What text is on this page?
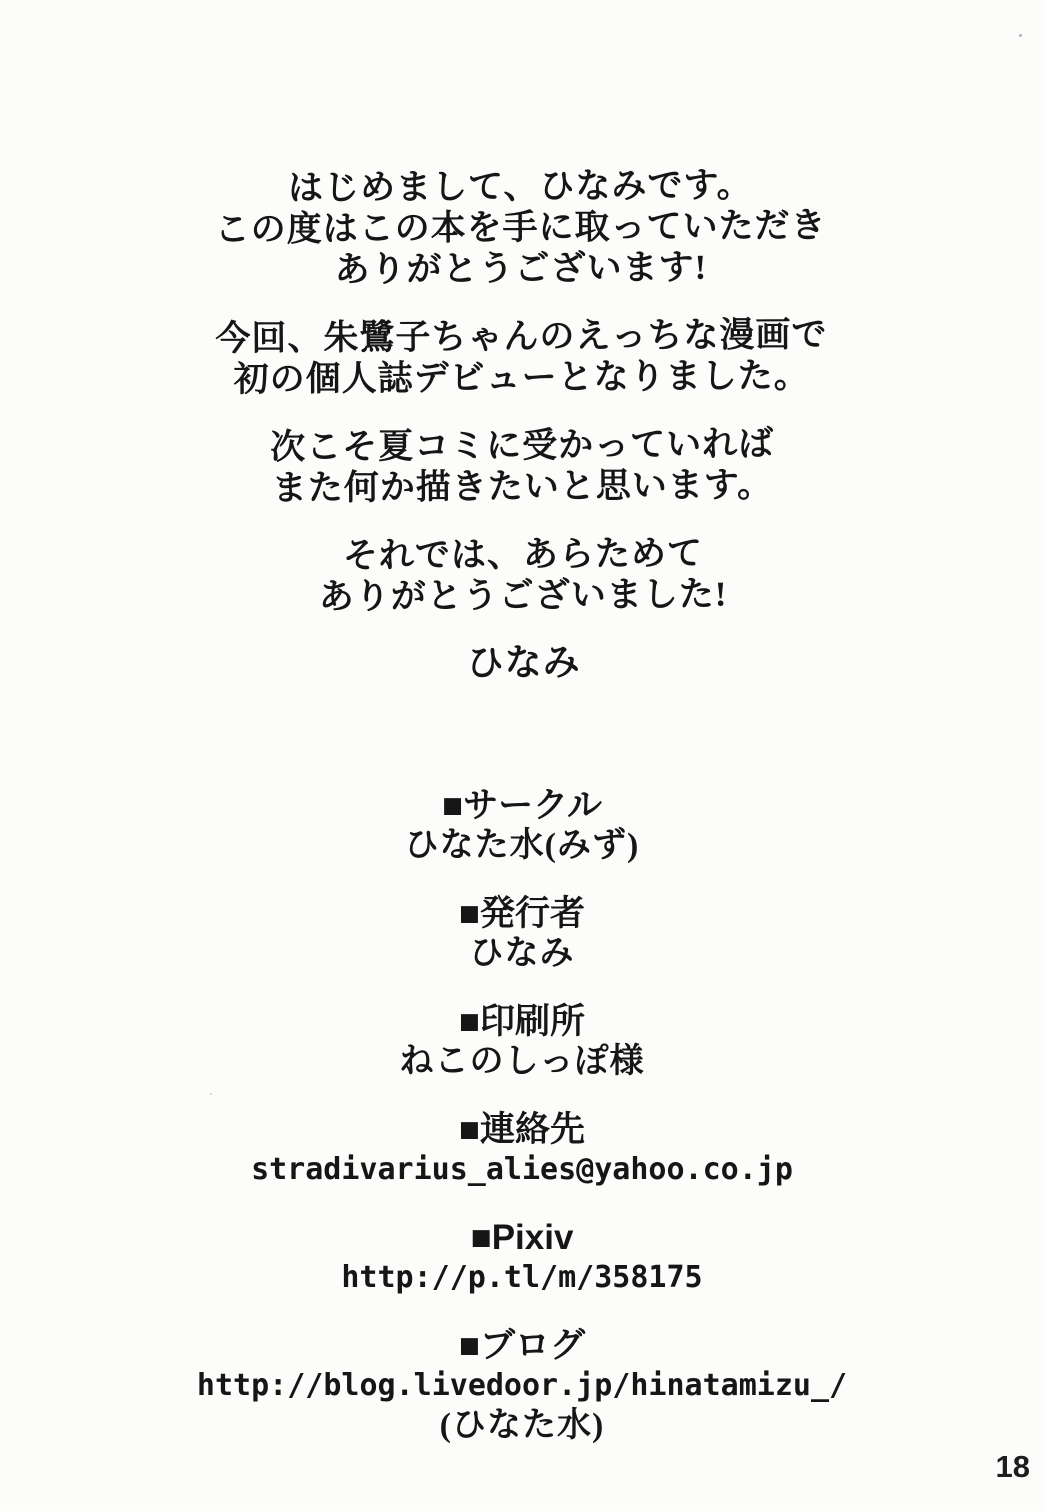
はじめまして、ひなみです。
この度はこの本を手に取っていただき
ありがとうございます!

今回、朱鷺子ちゃんのえっちな漫画で
初の個人誌デビューとなりました。

次こそ夏コミに受かっていれば
また何か描きたいと思います。

それでは、あらためて
ありがとうございました!

ひなみ
■サークル
ひなた水(みず)
■発行者
ひなみ
■印刷所
ねこのしっぽ様
■連絡先
stradivarius_alies@yahoo.co.jp
■Pixiv
http://p.tl/m/358175
■ブログ
http://blog.livedoor.jp/hinatamizu_/
(ひなた水)
18
